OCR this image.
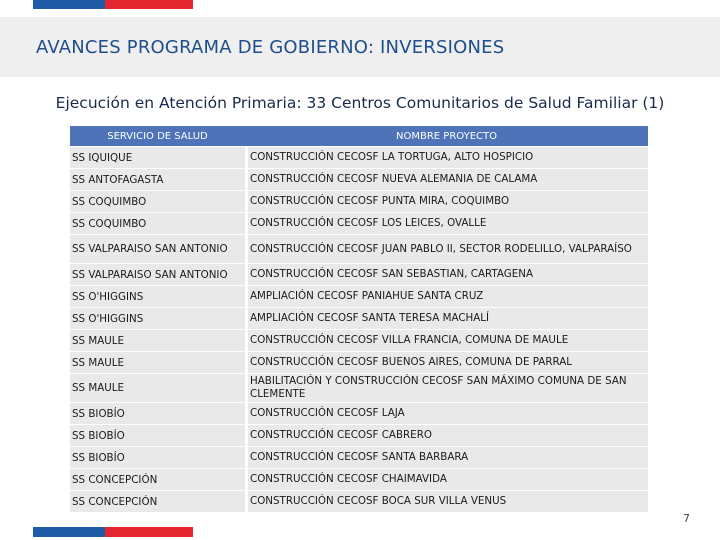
AVANCES PROGRAMA DE GOBIERNO: INVERSIONES
Ejecución en Atención Primaria: 33 Centros Comunitarios de Salud Familiar (1)
SERVICIO DE SALUD	NOMBRE PROYECTO
SS IQUIQUE	CONSTRUCCIÓN CECOSF LA TORTUGA, ALTO HOSPICIO
SS ANTOFAGASTA	CONSTRUCCIÓN CECOSF NUEVA ALEMANIA DE CALAMA
SS COQUIMBO	CONSTRUCCIÓN CECOSF PUNTA MIRA, COQUIMBO
SS COQUIMBO	CONSTRUCCIÓN CECOSF LOS LEICES, OVALLE
SS VALPARAISO SAN ANTONIO	CONSTRUCCIÓN CECOSF JUAN PABLO II, SECTOR RODELILLO, VALPARAÍSO
SS VALPARAISO SAN ANTONIO	CONSTRUCCIÓN CECOSF SAN SEBASTIAN, CARTAGENA
SS O'HIGGINS	AMPLIACIÓN CECOSF PANIAHUE SANTA CRUZ
SS O'HIGGINS	AMPLIACIÓN CECOSF SANTA TERESA MACHALÍ
SS MAULE	CONSTRUCCIÓN CECOSF VILLA FRANCIA, COMUNA DE MAULE
SS MAULE	CONSTRUCCIÓN CECOSF BUENOS AIRES, COMUNA DE PARRAL
SS MAULE	HABILITACIÓN Y CONSTRUCCIÓN CECOSF SAN MÁXIMO COMUNA DE SAN CLEMENTE
SS BIOBÍO	CONSTRUCCIÓN CECOSF LAJA
SS BIOBÍO	CONSTRUCCIÓN CECOSF CABRERO
SS BIOBÍO	CONSTRUCCIÓN CECOSF SANTA BARBARA
SS CONCEPCIÓN	CONSTRUCCIÓN CECOSF CHAIMAVIDA
SS CONCEPCIÓN	CONSTRUCCIÓN CECOSF BOCA SUR VILLA VENUS
7
